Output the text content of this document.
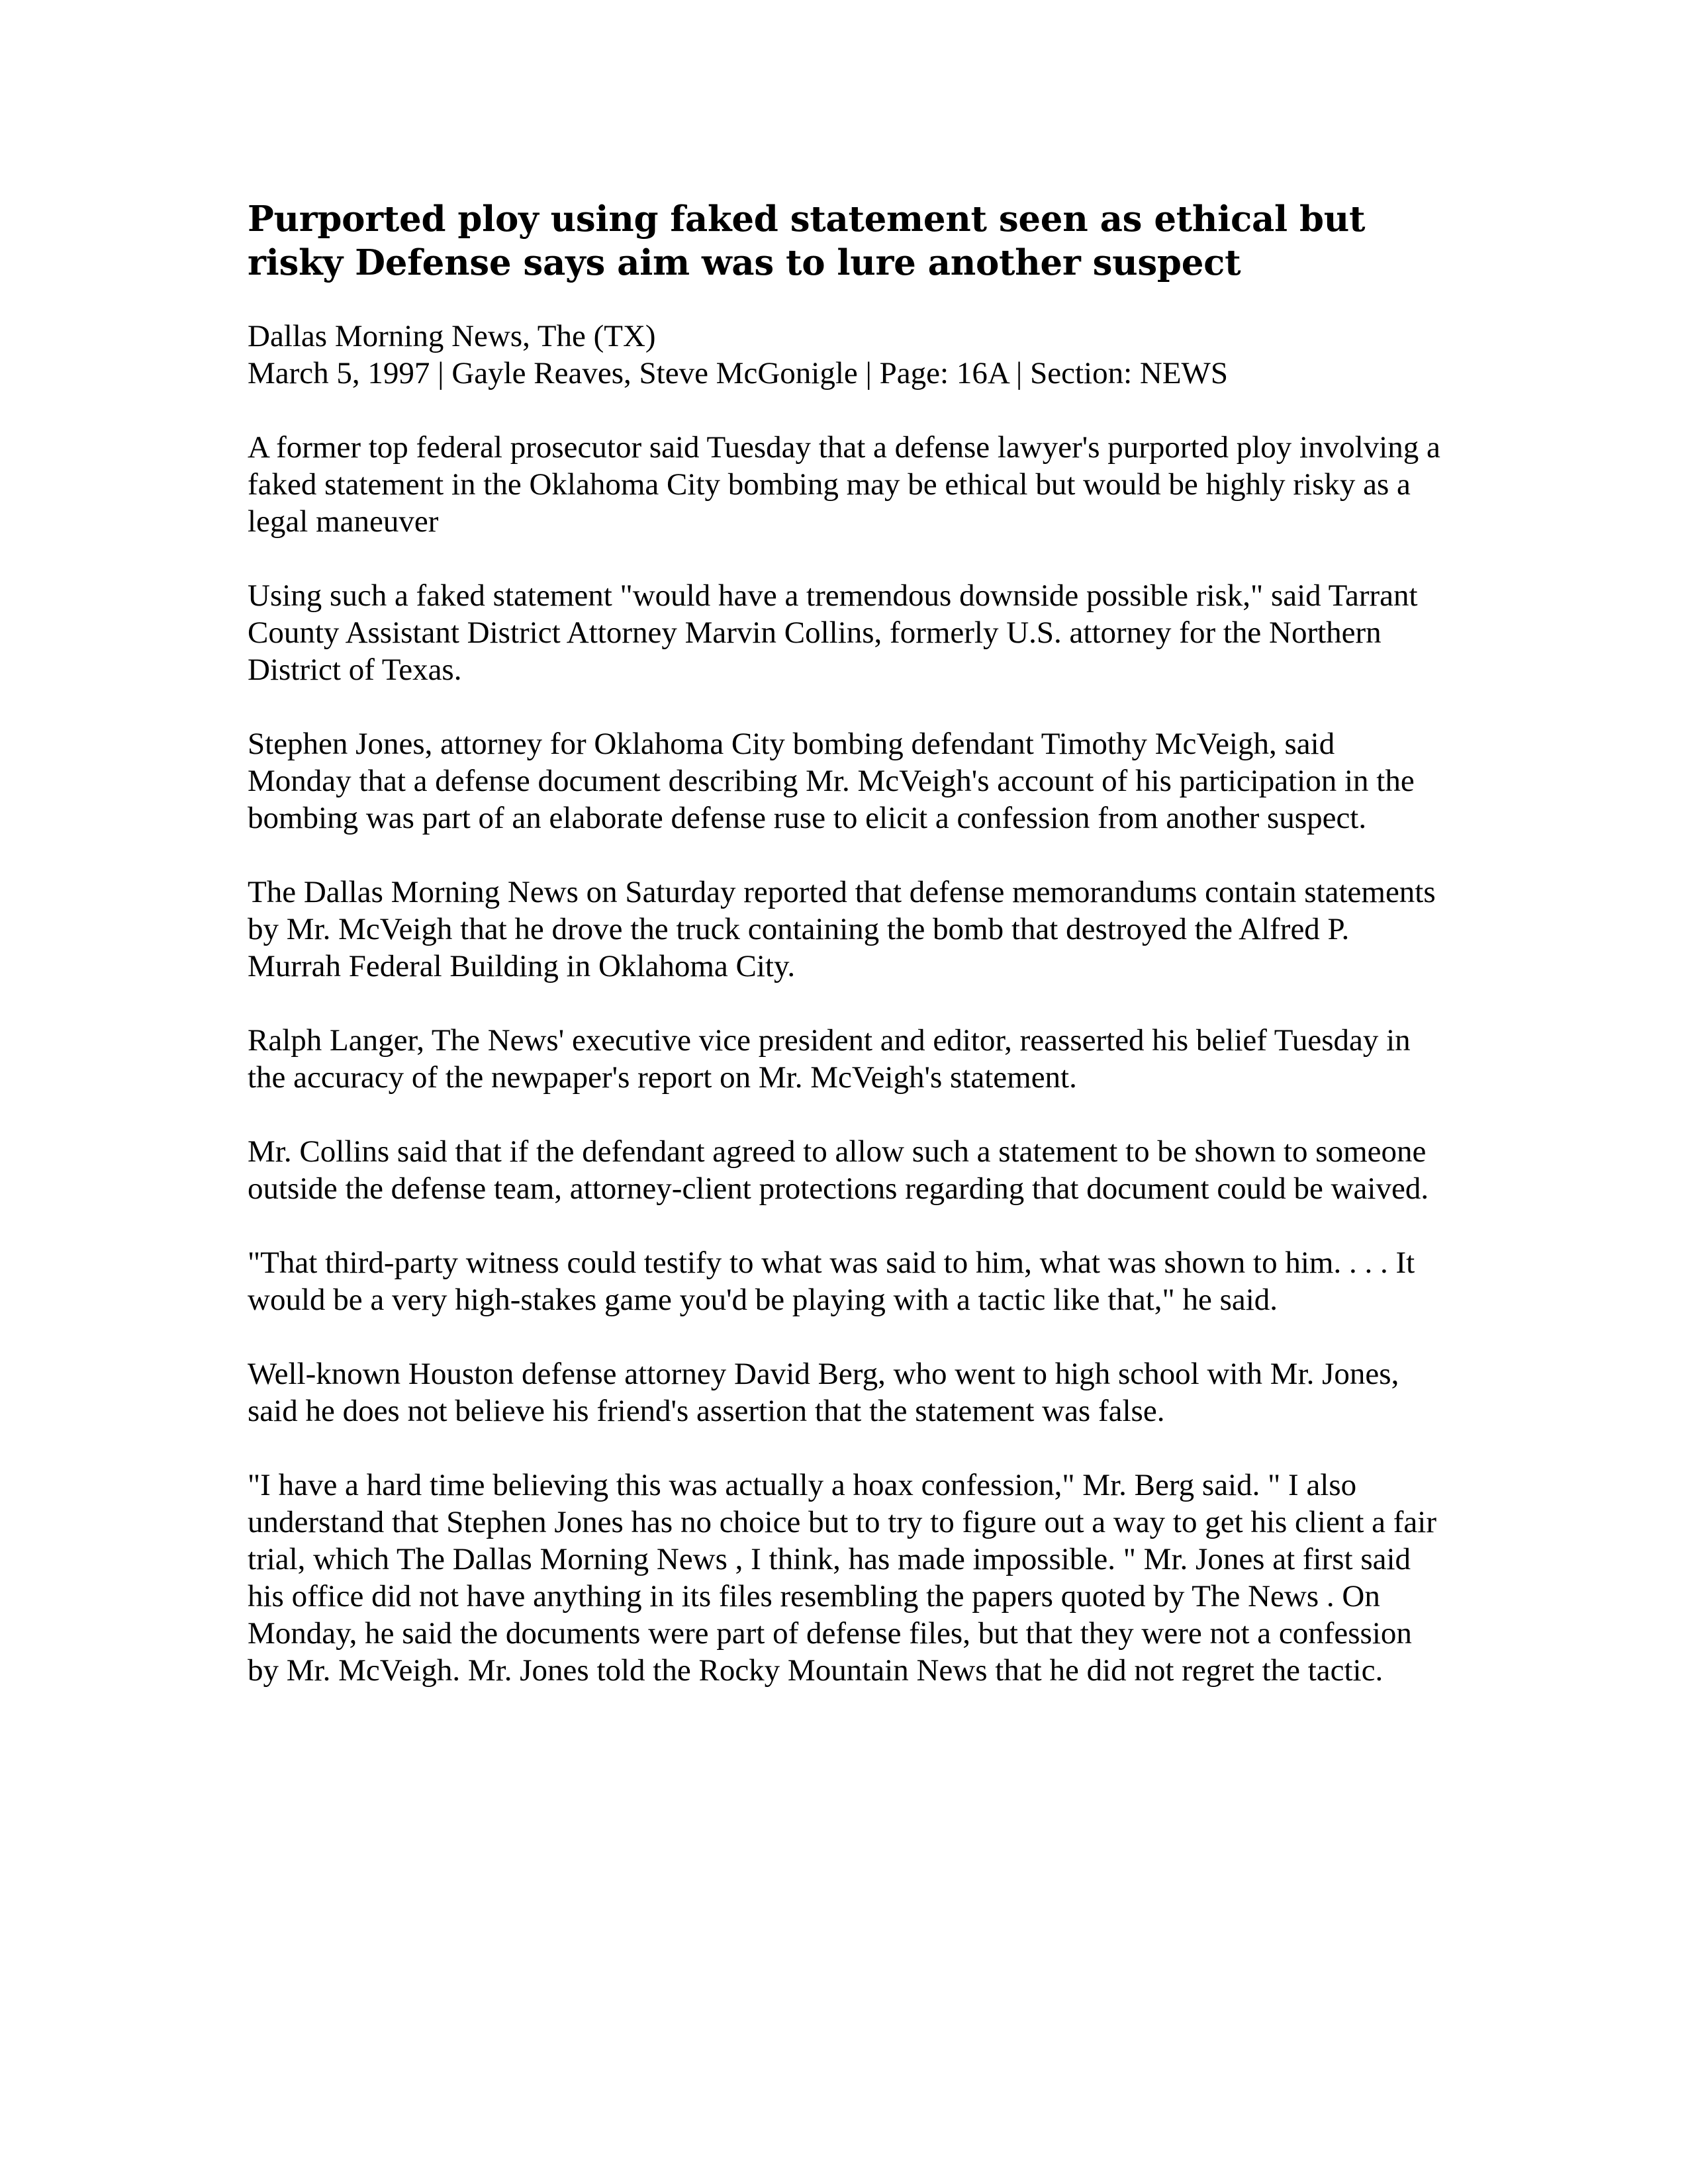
Purported ploy using faked statement seen as ethical but risky Defense says aim was to lure another suspect
Dallas Morning News, The (TX)
March 5, 1997 | Gayle Reaves, Steve McGonigle | Page: 16A | Section: NEWS

A former top federal prosecutor said Tuesday that a defense lawyer's purported ploy involving a faked statement in the Oklahoma City bombing may be ethical but would be highly risky as a legal maneuver

Using such a faked statement "would have a tremendous downside possible risk," said Tarrant County Assistant District Attorney Marvin Collins, formerly U.S. attorney for the Northern District of Texas.

Stephen Jones, attorney for Oklahoma City bombing defendant Timothy McVeigh, said Monday that a defense document describing Mr. McVeigh's account of his participation in the bombing was part of an elaborate defense ruse to elicit a confession from another suspect.

The Dallas Morning News on Saturday reported that defense memorandums contain statements by Mr. McVeigh that he drove the truck containing the bomb that destroyed the Alfred P. Murrah Federal Building in Oklahoma City.

Ralph Langer, The News' executive vice president and editor, reasserted his belief Tuesday in the accuracy of the newpaper's report on Mr. McVeigh's statement.

Mr. Collins said that if the defendant agreed to allow such a statement to be shown to someone outside the defense team, attorney-client protections regarding that document could be waived.

"That third-party witness could testify to what was said to him, what was shown to him. . . . It would be a very high-stakes game you'd be playing with a tactic like that," he said.

Well-known Houston defense attorney David Berg, who went to high school with Mr. Jones, said he does not believe his friend's assertion that the statement was false.

"I have a hard time believing this was actually a hoax confession," Mr. Berg said. " I also understand that Stephen Jones has no choice but to try to figure out a way to get his client a fair trial, which The Dallas Morning News , I think, has made impossible. " Mr. Jones at first said his office did not have anything in its files resembling the papers quoted by The News . On Monday, he said the documents were part of defense files, but that they were not a confession by Mr. McVeigh. Mr. Jones told the Rocky Mountain News that he did not regret the tactic.
